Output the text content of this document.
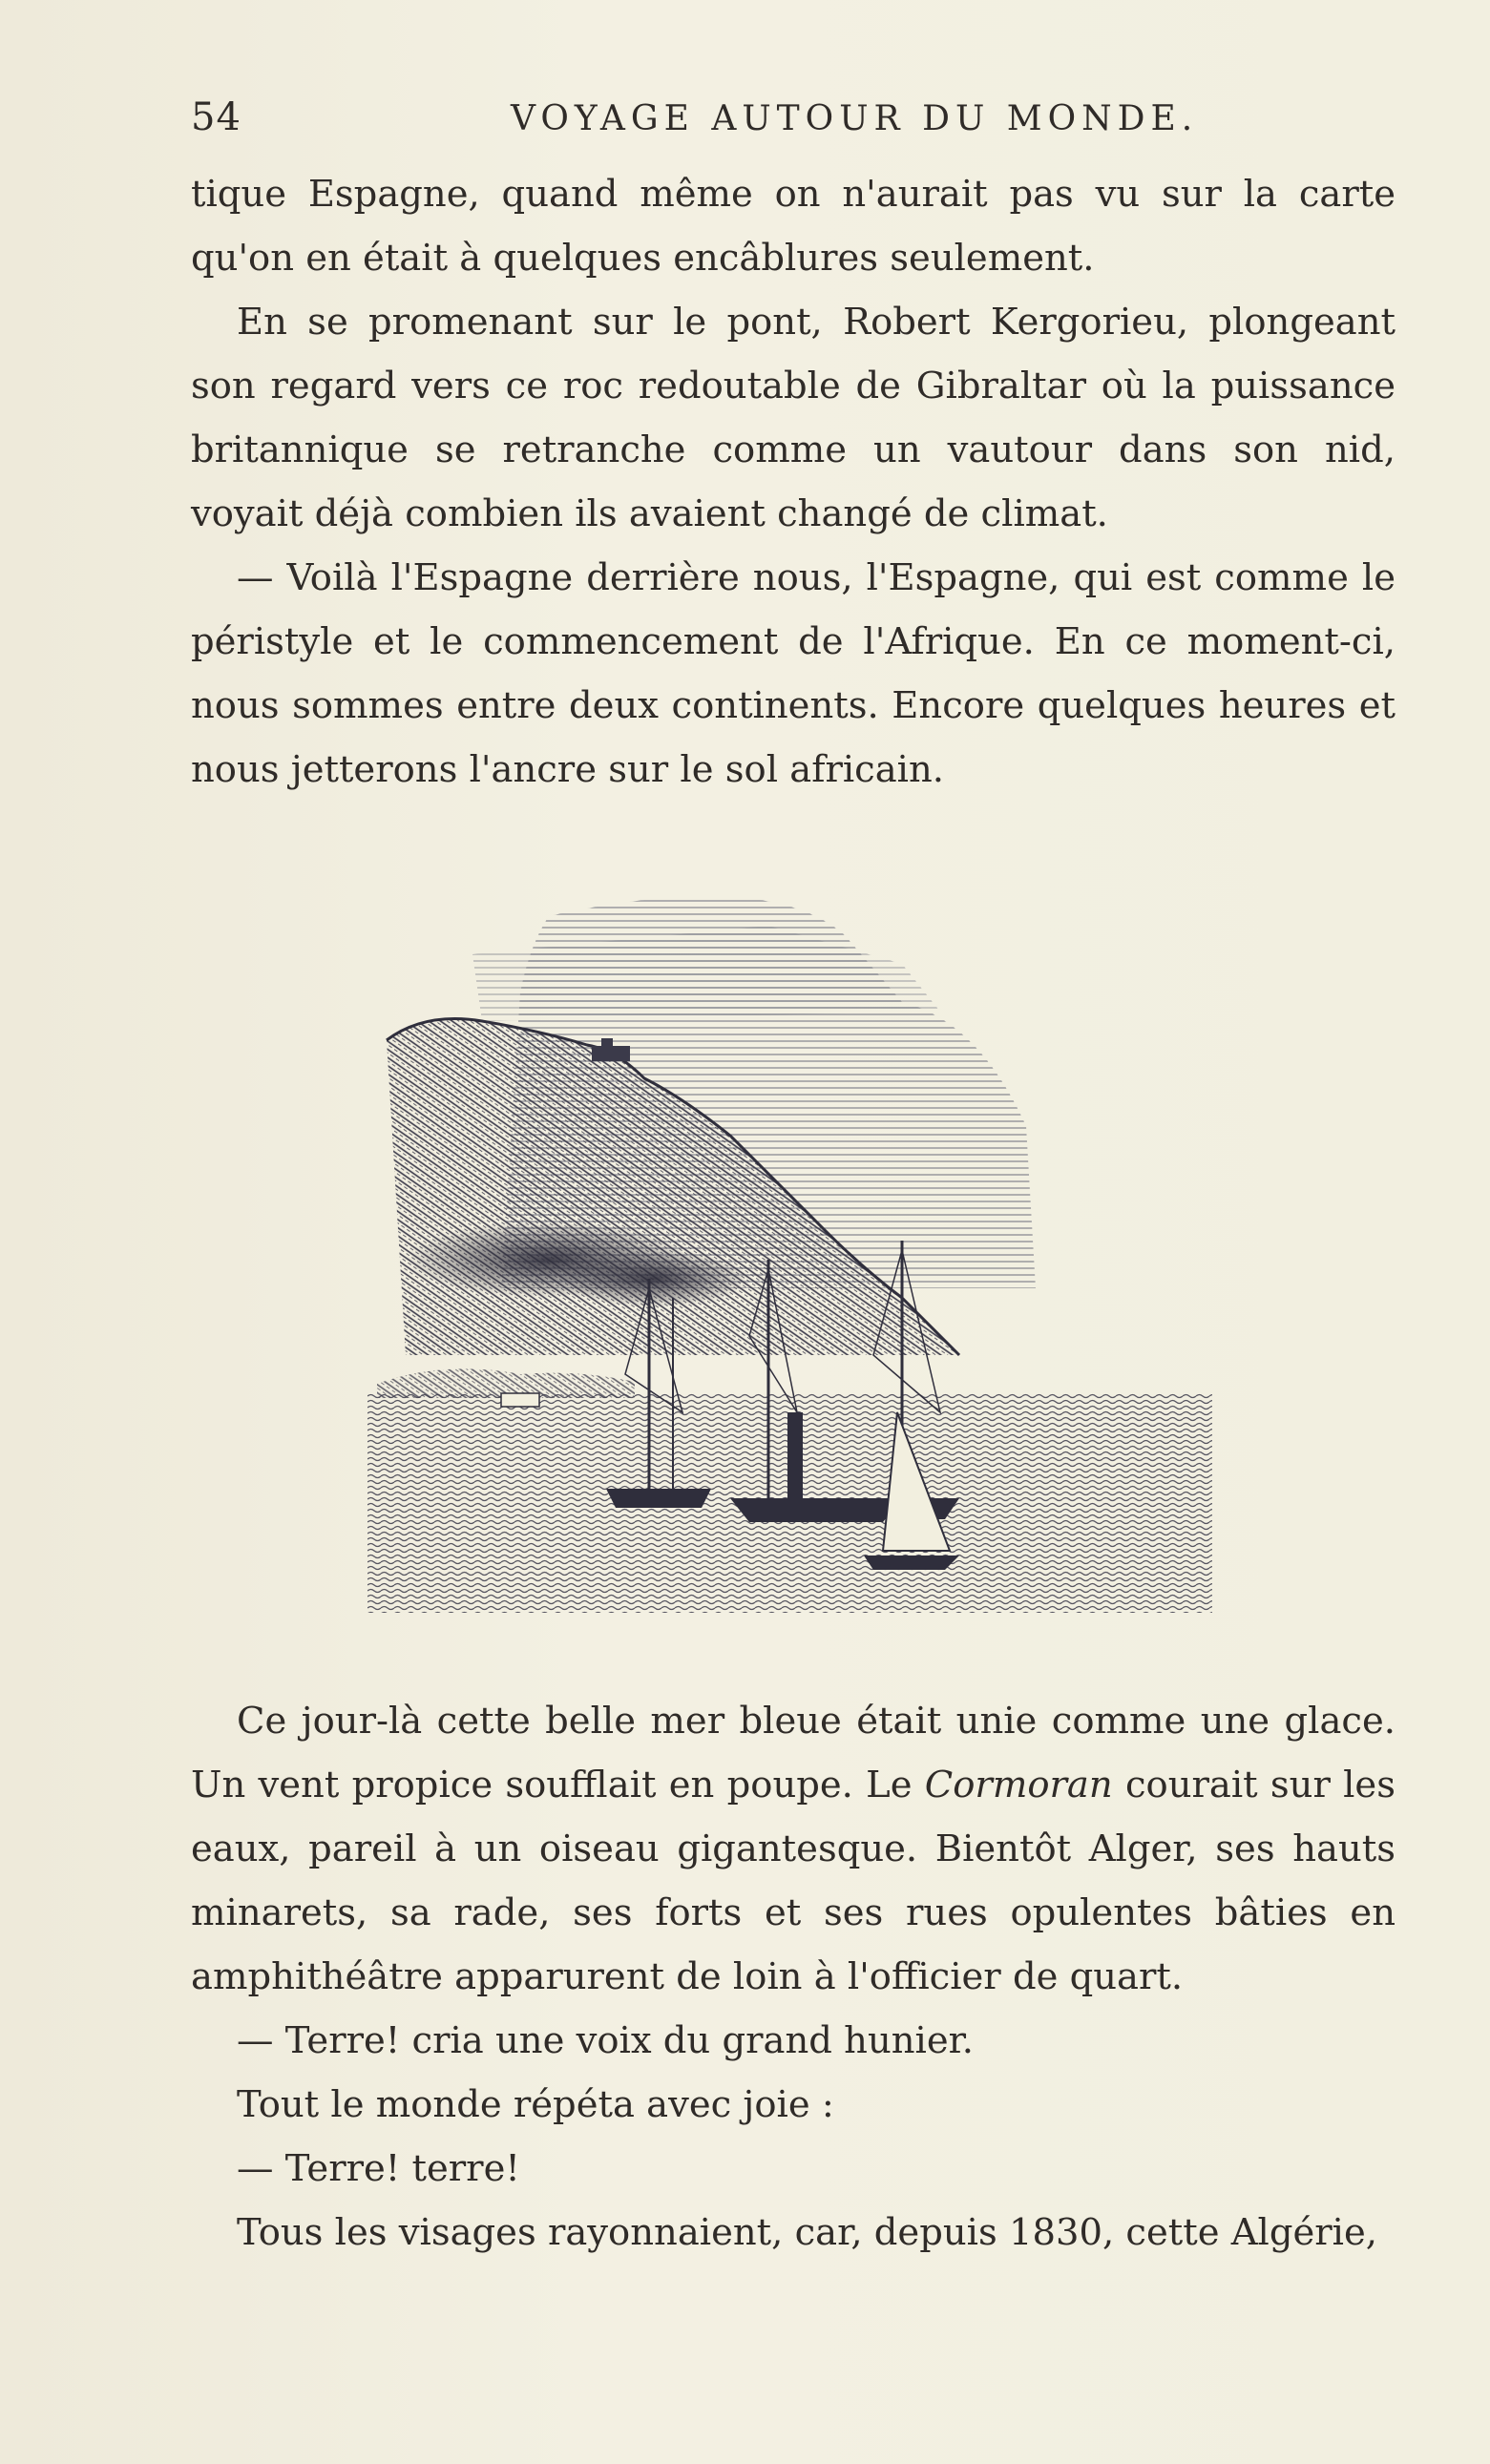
54	VOYAGE AUTOUR DU MONDE.

tique Espagne, quand même on n'aurait pas vu sur la carte qu'on en était à quelques encâblures seulement.

En se promenant sur le pont, Robert Kergorieu, plongeant son regard vers ce roc redoutable de Gibraltar où la puissance britannique se retranche comme un vautour dans son nid, voyait déjà combien ils avaient changé de climat.

— Voilà l'Espagne derrière nous, l'Espagne, qui est comme le péristyle et le commencement de l'Afrique. En ce moment-ci, nous sommes entre deux continents. Encore quelques heures et nous jetterons l'ancre sur le sol africain.

Ce jour-là cette belle mer bleue était unie comme une glace. Un vent propice soufflait en poupe. Le Cormoran courait sur les eaux, pareil à un oiseau gigantesque. Bientôt Alger, ses hauts minarets, sa rade, ses forts et ses rues opulentes bâties en amphithéâtre apparurent de loin à l'officier de quart.

— Terre! cria une voix du grand hunier.

Tout le monde répéta avec joie :

— Terre! terre!

Tous les visages rayonnaient, car, depuis 1830, cette Algérie,
